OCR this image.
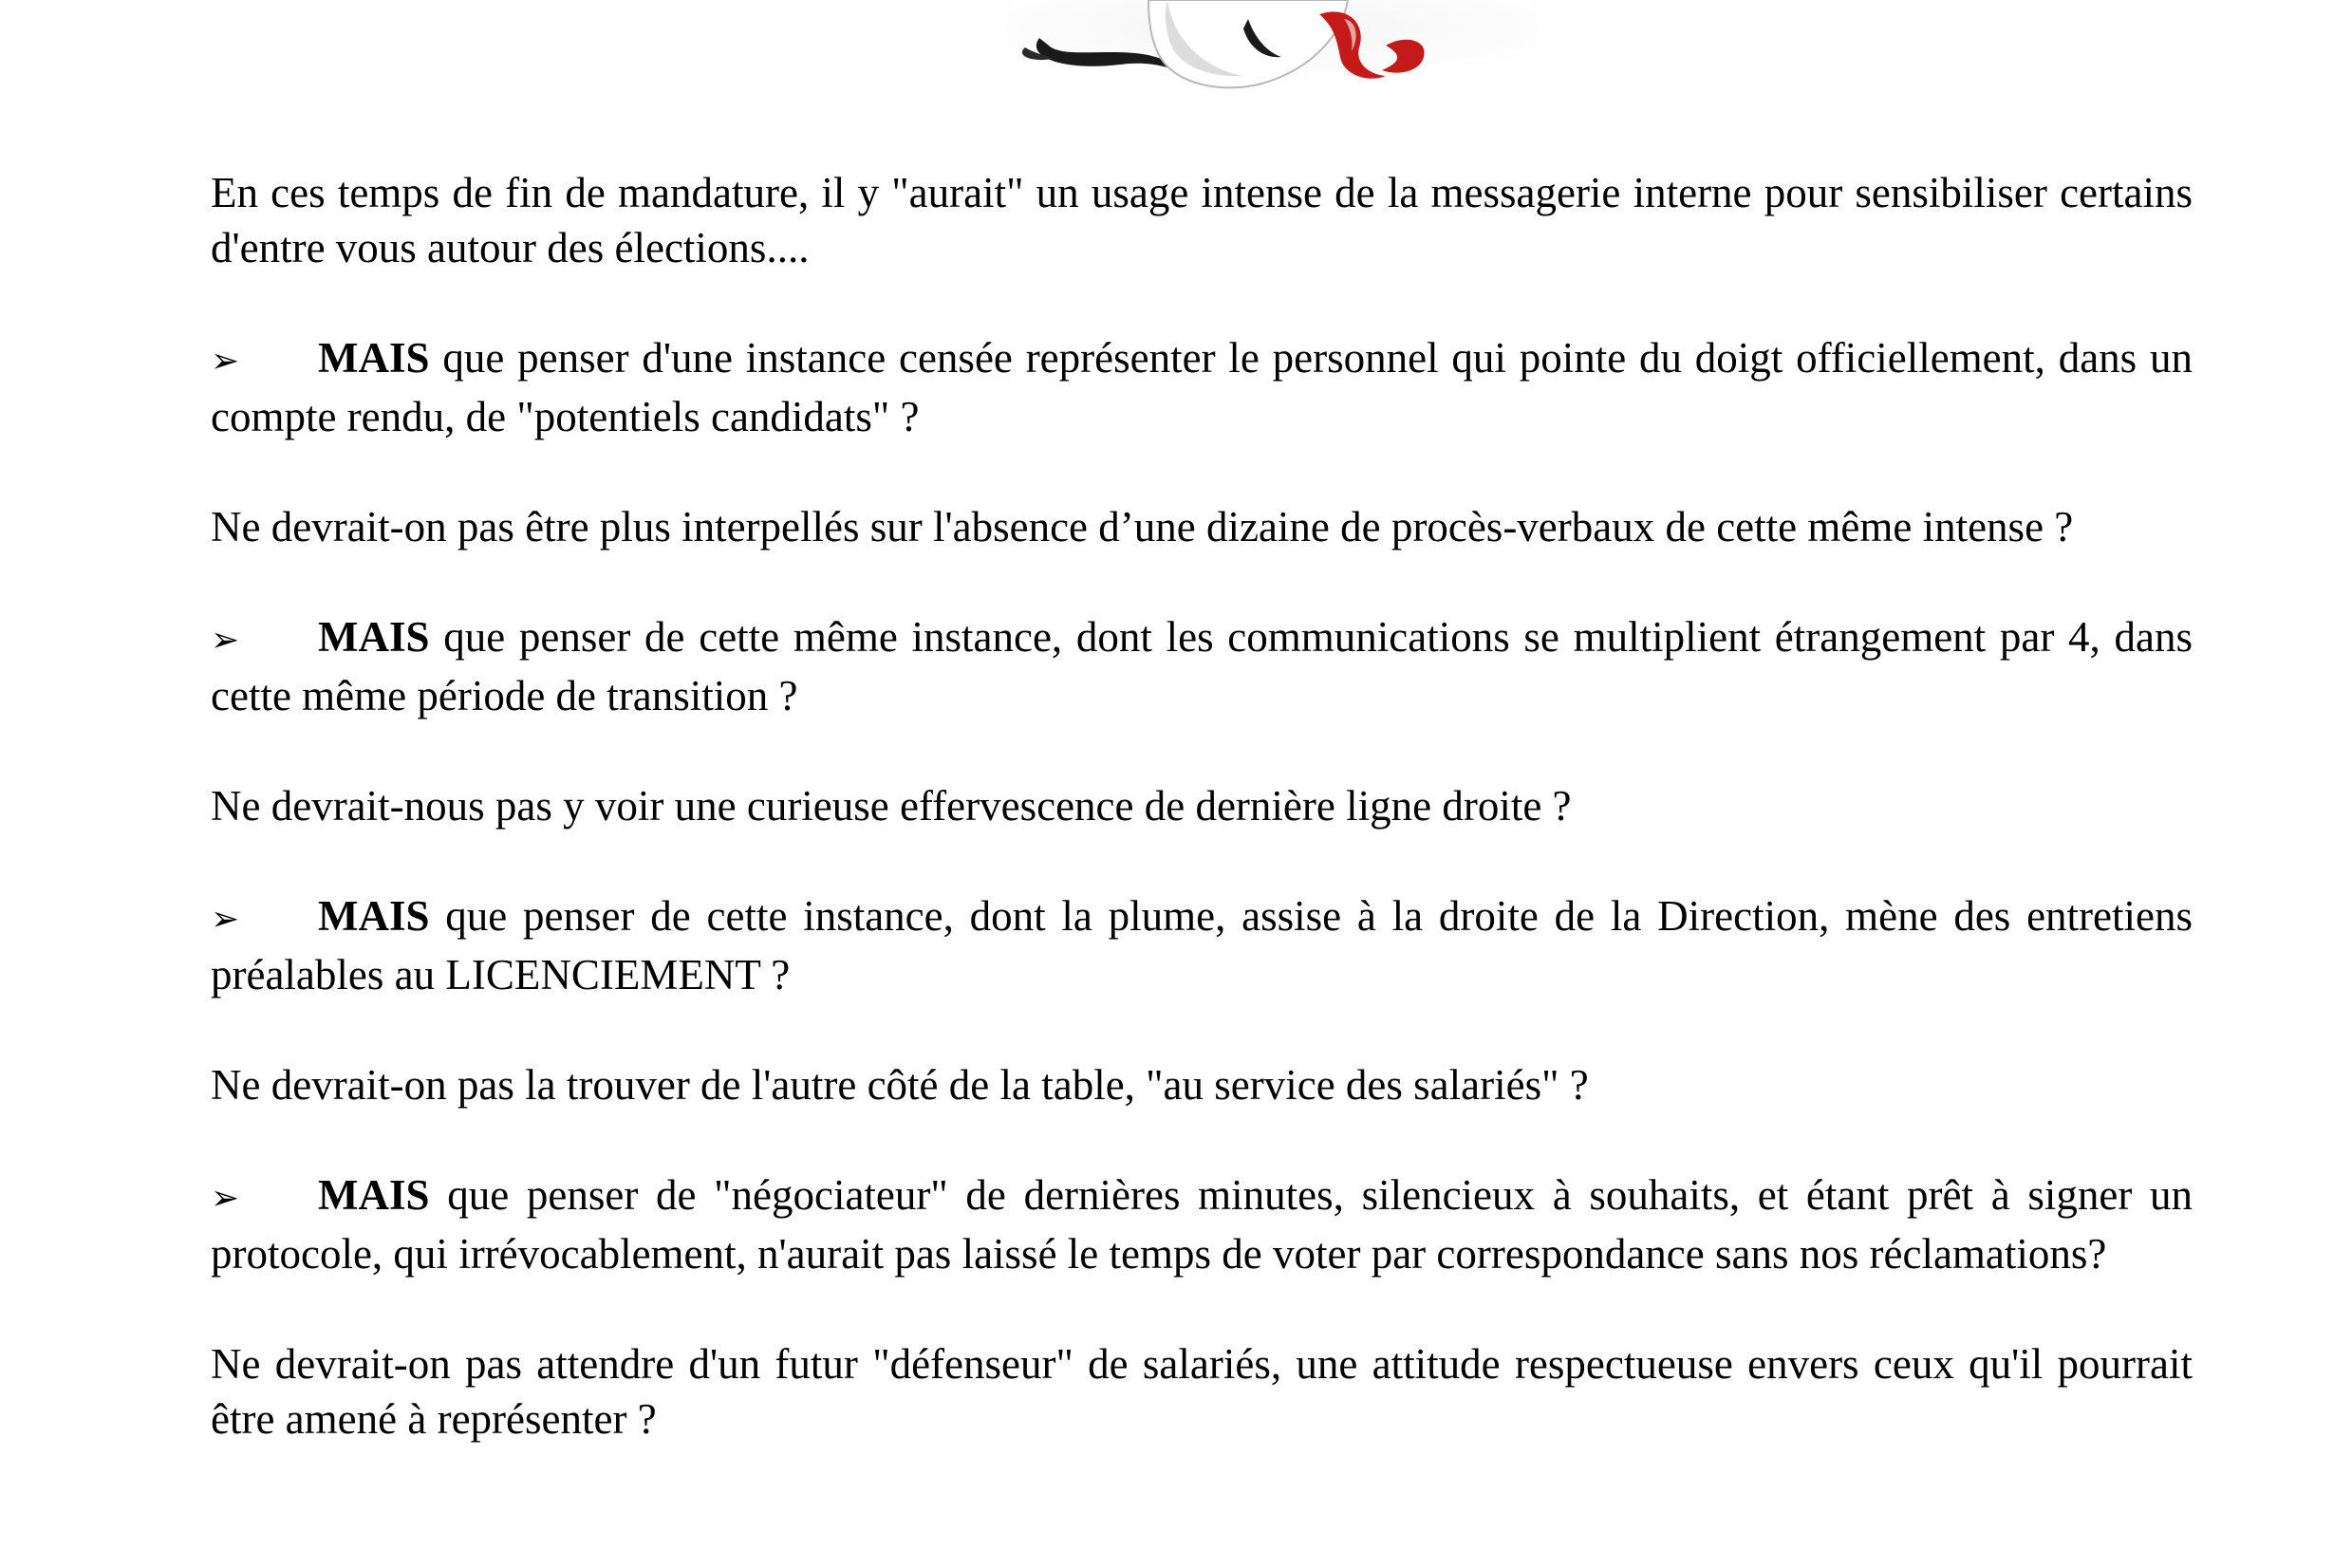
En ces temps de fin de mandature, il y "aurait" un usage intense de la messagerie interne pour sensibiliser certains d'entre vous autour des élections....

➢ MAIS que penser d'une instance censée représenter le personnel qui pointe du doigt officiellement, dans un compte rendu, de "potentiels candidats" ?

Ne devrait-on pas être plus interpellés sur l'absence d’une dizaine de procès-verbaux de cette même intense ?

➢ MAIS que penser de cette même instance, dont les communications se multiplient étrangement par 4, dans cette même période de transition ?

Ne devrait-nous pas y voir une curieuse effervescence de dernière ligne droite ?

➢ MAIS que penser de cette instance, dont la plume, assise à la droite de la Direction, mène des entretiens préalables au LICENCIEMENT ?

Ne devrait-on pas la trouver de l'autre côté de la table, "au service des salariés" ?

➢ MAIS que penser de "négociateur" de dernières minutes, silencieux à souhaits, et étant prêt à signer un protocole, qui irrévocablement, n'aurait pas laissé le temps de voter par correspondance sans nos réclamations?

Ne devrait-on pas attendre d'un futur "défenseur" de salariés, une attitude respectueuse envers ceux qu'il pourrait être amené à représenter ?
